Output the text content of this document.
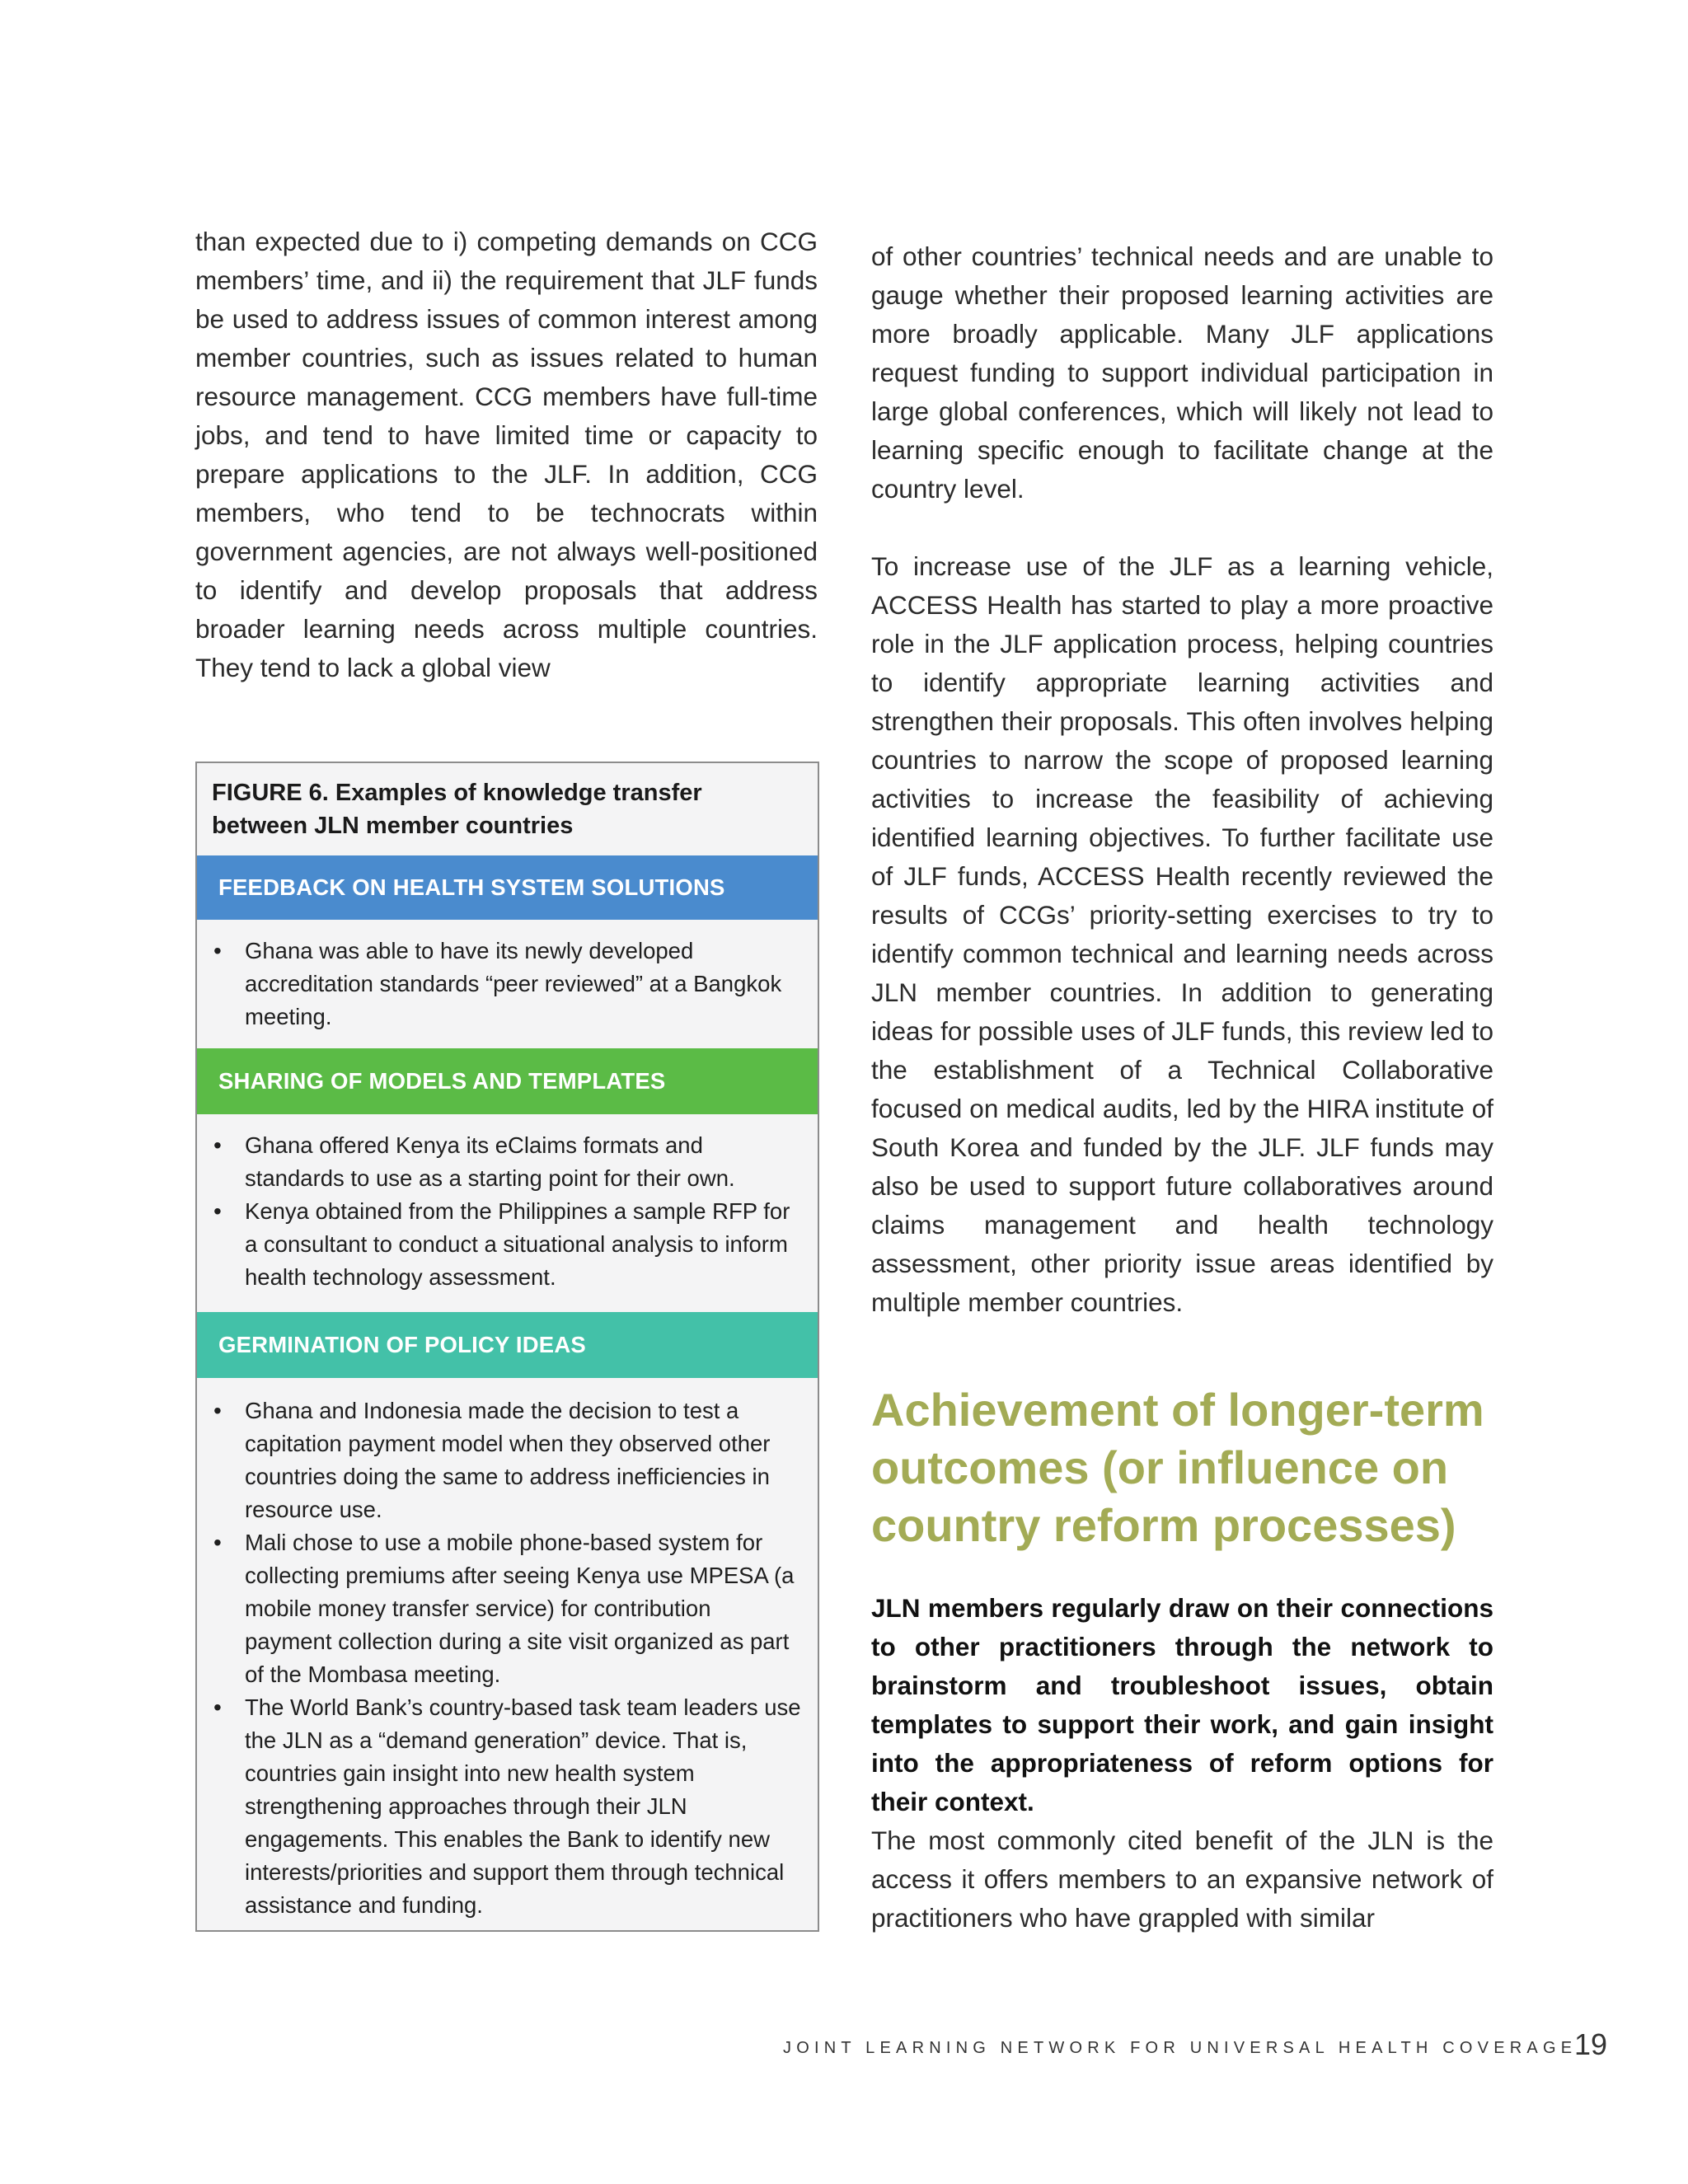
than expected due to i) competing demands on CCG members’ time, and ii) the requirement that JLF funds be used to address issues of common interest among member countries, such as issues related to human resource management. CCG members have full-time jobs, and tend to have limited time or capacity to prepare applications to the JLF. In addition, CCG members, who tend to be technocrats within government agencies, are not always well-positioned to identify and develop proposals that address broader learning needs across multiple countries. They tend to lack a global view

FIGURE 6. Examples of knowledge transfer between JLN member countries
FEEDBACK ON HEALTH SYSTEM SOLUTIONS
• Ghana was able to have its newly developed accreditation standards “peer reviewed” at a Bangkok meeting.
SHARING OF MODELS AND TEMPLATES
• Ghana offered Kenya its eClaims formats and standards to use as a starting point for their own.
• Kenya obtained from the Philippines a sample RFP for a consultant to conduct a situational analysis to inform health technology assessment.
GERMINATION OF POLICY IDEAS
• Ghana and Indonesia made the decision to test a capitation payment model when they observed other countries doing the same to address inefficiencies in resource use.
• Mali chose to use a mobile phone-based system for collecting premiums after seeing Kenya use MPESA (a mobile money transfer service) for contribution payment collection during a site visit organized as part of the Mombasa meeting.
• The World Bank’s country-based task team leaders use the JLN as a “demand generation” device. That is, countries gain insight into new health system strengthening approaches through their JLN engagements. This enables the Bank to identify new interests/priorities and support them through technical assistance and funding.

of other countries’ technical needs and are unable to gauge whether their proposed learning activities are more broadly applicable. Many JLF applications request funding to support individual participation in large global conferences, which will likely not lead to learning specific enough to facilitate change at the country level.

To increase use of the JLF as a learning vehicle, ACCESS Health has started to play a more proactive role in the JLF application process, helping countries to identify appropriate learning activities and strengthen their proposals. This often involves helping countries to narrow the scope of proposed learning activities to increase the feasibility of achieving identified learning objectives. To further facilitate use of JLF funds, ACCESS Health recently reviewed the results of CCGs’ priority-setting exercises to try to identify common technical and learning needs across JLN member countries. In addition to generating ideas for possible uses of JLF funds, this review led to the establishment of a Technical Collaborative focused on medical audits, led by the HIRA institute of South Korea and funded by the JLF. JLF funds may also be used to support future collaboratives around claims management and health technology assessment, other priority issue areas identified by multiple member countries.

Achievement of longer-term outcomes (or influence on country reform processes)

JLN members regularly draw on their connections to other practitioners through the network to brainstorm and troubleshoot issues, obtain templates to support their work, and gain insight into the appropriateness of reform options for their context.

The most commonly cited benefit of the JLN is the access it offers members to an expansive network of practitioners who have grappled with similar

JOINT LEARNING NETWORK FOR UNIVERSAL HEALTH COVERAGE
19
